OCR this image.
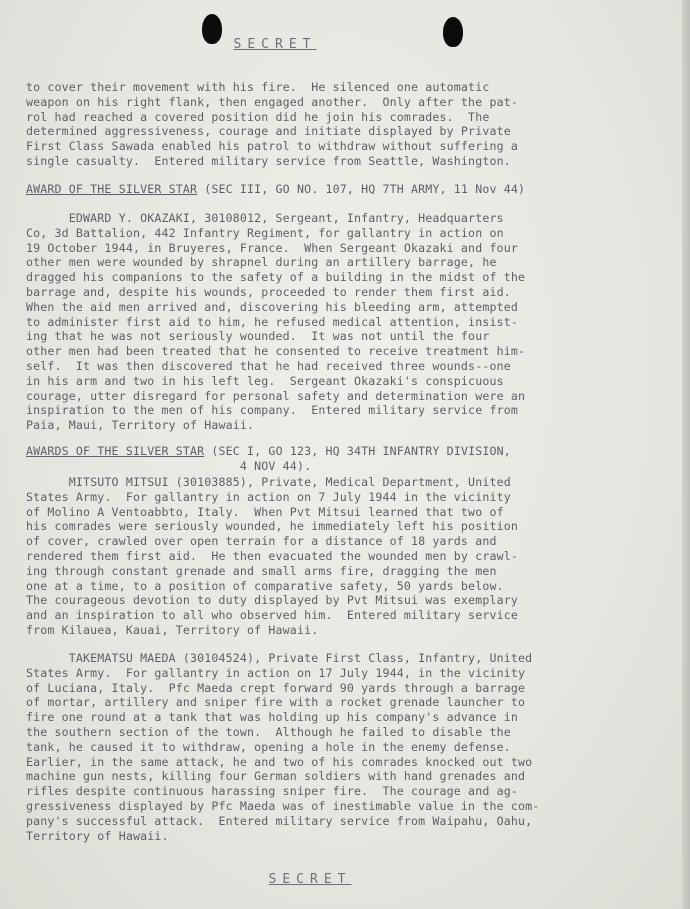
SECRET
to cover their movement with his fire.  He silenced one automatic
weapon on his right flank, then engaged another.  Only after the pat-
rol had reached a covered position did he join his comrades.  The
determined aggressiveness, courage and initiate displayed by Private
First Class Sawada enabled his patrol to withdraw without suffering a
single casualty.  Entered military service from Seattle, Washington.
AWARD OF THE SILVER STAR (SEC III, GO NO. 107, HQ 7TH ARMY, 11 Nov 44)
EDWARD Y. OKAZAKI, 30108012, Sergeant, Infantry, Headquarters
Co, 3d Battalion, 442 Infantry Regiment, for gallantry in action on
19 October 1944, in Bruyeres, France.  When Sergeant Okazaki and four
other men were wounded by shrapnel during an artillery barrage, he
dragged his companions to the safety of a building in the midst of the
barrage and, despite his wounds, proceeded to render them first aid.
When the aid men arrived and, discovering his bleeding arm, attempted
to administer first aid to him, he refused medical attention, insist-
ing that he was not seriously wounded.  It was not until the four
other men had been treated that he consented to receive treatment him-
self.  It was then discovered that he had received three wounds--one
in his arm and two in his left leg.  Sergeant Okazaki's conspicuous
courage, utter disregard for personal safety and determination were an
inspiration to the men of his company.  Entered military service from
Paia, Maui, Territory of Hawaii.
AWARDS OF THE SILVER STAR (SEC I, GO 123, HQ 34TH INFANTRY DIVISION,
4 NOV 44).
MITSUTO MITSUI (30103885), Private, Medical Department, United
States Army.  For gallantry in action on 7 July 1944 in the vicinity
of Molino A Ventoabbto, Italy.  When Pvt Mitsui learned that two of
his comrades were seriously wounded, he immediately left his position
of cover, crawled over open terrain for a distance of 18 yards and
rendered them first aid.  He then evacuated the wounded men by crawl-
ing through constant grenade and small arms fire, dragging the men
one at a time, to a position of comparative safety, 50 yards below.
The courageous devotion to duty displayed by Pvt Mitsui was exemplary
and an inspiration to all who observed him.  Entered military service
from Kilauea, Kauai, Territory of Hawaii.
TAKEMATSU MAEDA (30104524), Private First Class, Infantry, United
States Army.  For gallantry in action on 17 July 1944, in the vicinity
of Luciana, Italy.  Pfc Maeda crept forward 90 yards through a barrage
of mortar, artillery and sniper fire with a rocket grenade launcher to
fire one round at a tank that was holding up his company's advance in
the southern section of the town.  Although he failed to disable the
tank, he caused it to withdraw, opening a hole in the enemy defense.
Earlier, in the same attack, he and two of his comrades knocked out two
machine gun nests, killing four German soldiers with hand grenades and
rifles despite continuous harassing sniper fire.  The courage and ag-
gressiveness displayed by Pfc Maeda was of inestimable value in the com-
pany's successful attack.  Entered military service from Waipahu, Oahu,
Territory of Hawaii.
SECRET
